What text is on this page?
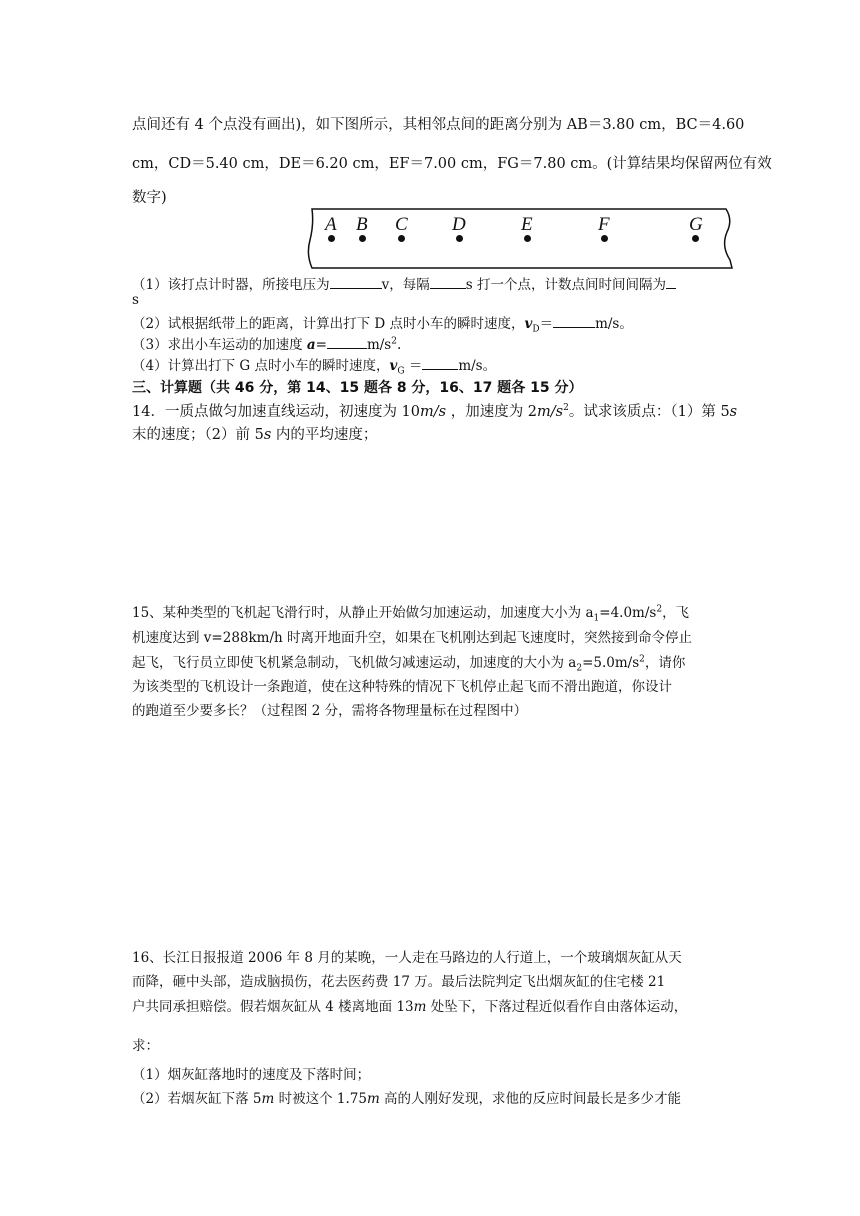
点间还有 4 个点没有画出)，如下图所示，其相邻点间的距离分别为 AB＝3.80 cm，BC＝4.60
cm，CD＝5.40 cm，DE＝6.20 cm，EF＝7.00 cm，FG＝7.80 cm。(计算结果均保留两位有效
数字)
A B C D	E	F	G
（1）该打点计时器，所接电压为	v，每隔	s 打一个点，计数点间时间间隔为
s
（2）试根据纸带上的距离，计算出打下 D 点时小车的瞬时速度，$v_D=$	m/s。
（3）求出小车运动的加速度 a=	$m/s^2$.
（4）计算出打下 G 点时小车的瞬时速度，$v_G$ ＝	m/s。
三、计算题（共 46 分，第 14、15 题各 8 分，16、17 题各 15 分）
14．一质点做匀加速直线运动，初速度为 10m/s ，加速度为 $2m/s^2$。试求该质点：（1）第 5s
末的速度；（2）前 5s 内的平均速度；
15、某种类型的飞机起飞滑行时，从静止开始做匀加速运动，加速度大小为 $a_1=4.0m/s^2$，飞
机速度达到 v=288km/h 时离开地面升空，如果在飞机刚达到起飞速度时，突然接到命令停止
起飞，飞行员立即使飞机紧急制动，飞机做匀减速运动，加速度的大小为 $a_2=5.0m/s^2$，请你
为该类型的飞机设计一条跑道，使在这种特殊的情况下飞机停止起飞而不滑出跑道，你设计
的跑道至少要多长？（过程图 2 分，需将各物理量标在过程图中）
16、长江日报报道 2006 年 8 月的某晚，一人走在马路边的人行道上，一个玻璃烟灰缸从天
而降，砸中头部，造成脑损伤，花去医药费 17 万。最后法院判定飞出烟灰缸的住宅楼 21
户共同承担赔偿。假若烟灰缸从 4 楼离地面 13m 处坠下，下落过程近似看作自由落体运动，
求：
（1）烟灰缸落地时的速度及下落时间；
（2）若烟灰缸下落 5m 时被这个 1.75m 高的人刚好发现，求他的反应时间最长是多少才能
